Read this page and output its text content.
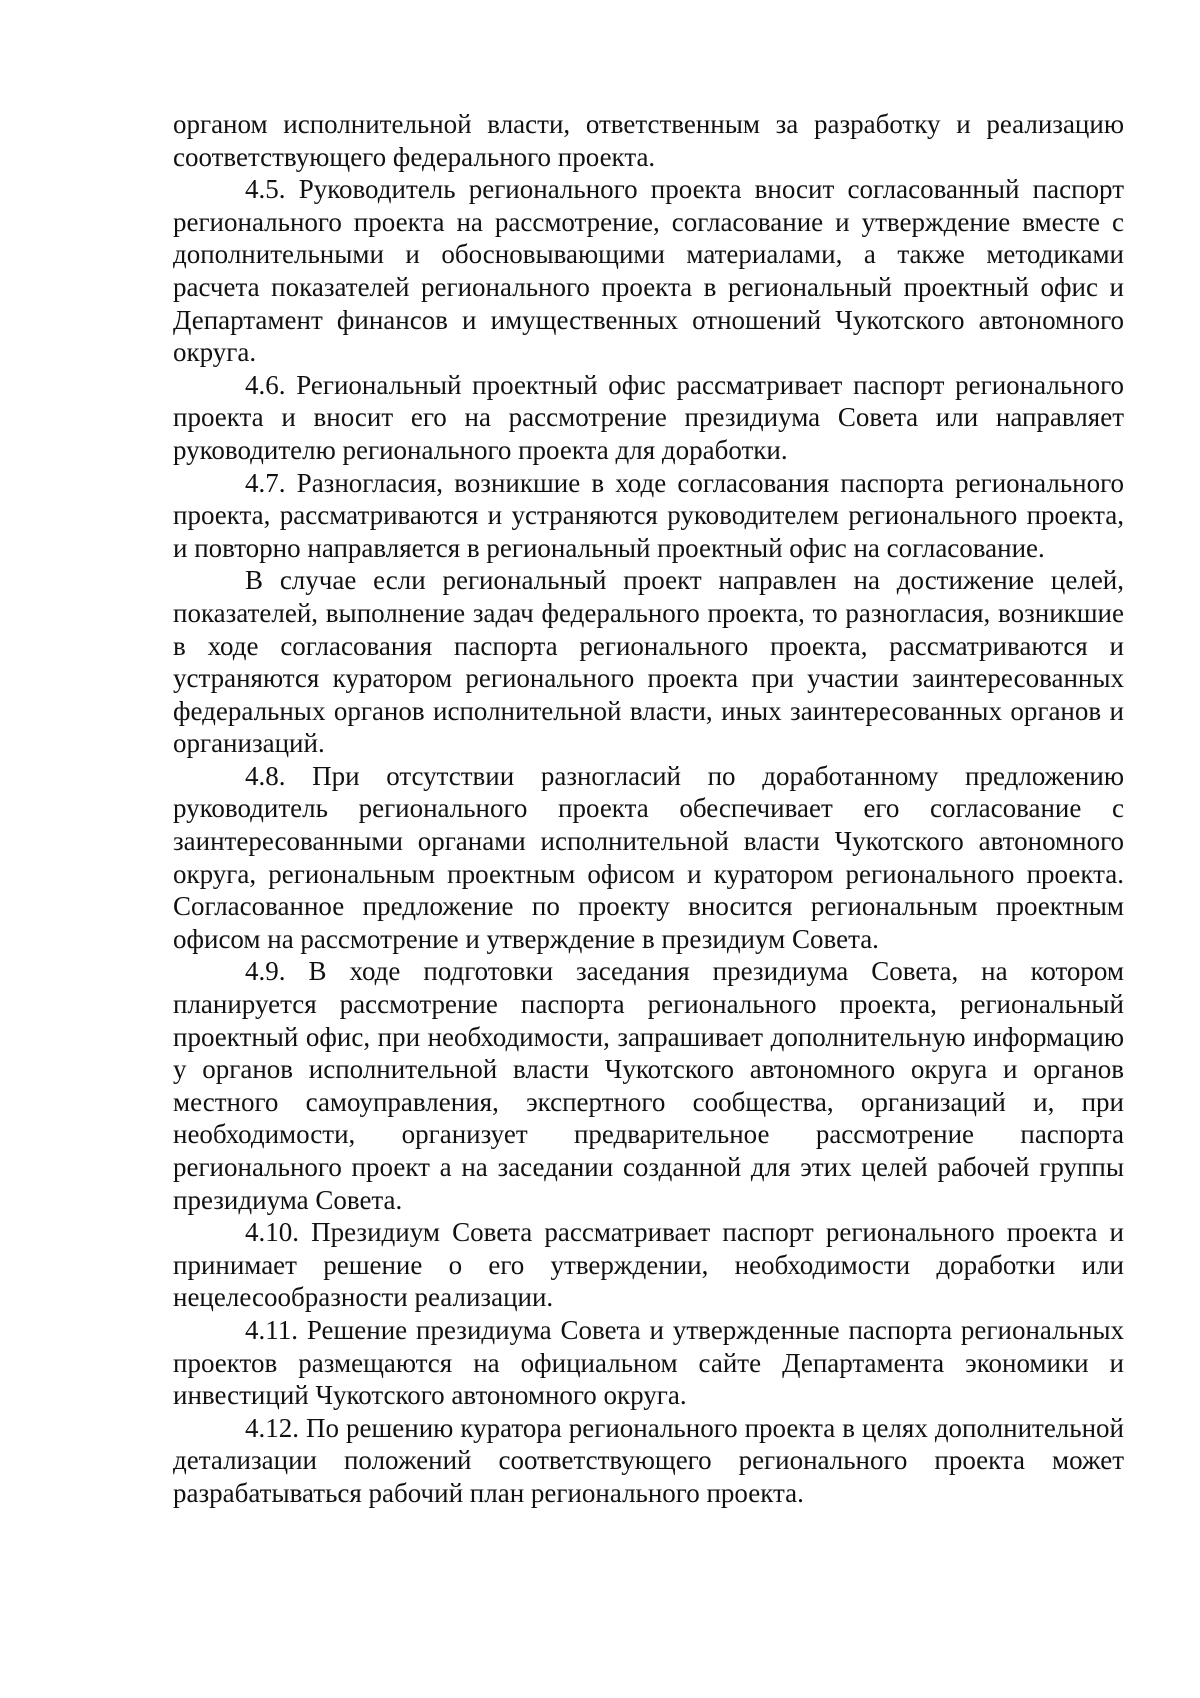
органом исполнительной власти, ответственным за разработку и реализацию соответствующего федерального проекта.

4.5. Руководитель регионального проекта вносит согласованный паспорт регионального проекта на рассмотрение, согласование и утверждение вместе с дополнительными и обосновывающими материалами, а также методиками расчета показателей регионального проекта в региональный проектный офис и Департамент финансов и имущественных отношений Чукотского автономного округа.

4.6. Региональный проектный офис рассматривает паспорт регионального проекта и вносит его на рассмотрение президиума Совета или направляет руководителю регионального проекта для доработки.

4.7. Разногласия, возникшие в ходе согласования паспорта регионального проекта, рассматриваются и устраняются руководителем регионального проекта, и повторно направляется в региональный проектный офис на согласование.

В случае если региональный проект направлен на достижение целей, показателей, выполнение задач федерального проекта, то разногласия, возникшие в ходе согласования паспорта регионального проекта, рассматриваются и устраняются куратором регионального проекта при участии заинтересованных федеральных органов исполнительной власти, иных заинтересованных органов и организаций.

4.8. При отсутствии разногласий по доработанному предложению руководитель регионального проекта обеспечивает его согласование с заинтересованными органами исполнительной власти Чукотского автономного округа, региональным проектным офисом и куратором регионального проекта. Согласованное предложение по проекту вносится региональным проектным офисом на рассмотрение и утверждение в президиум Совета.

4.9. В ходе подготовки заседания президиума Совета, на котором планируется рассмотрение паспорта регионального проекта, региональный проектный офис, при необходимости, запрашивает дополнительную информацию у органов исполнительной власти Чукотского автономного округа и органов местного самоуправления, экспертного сообщества, организаций и, при необходимости, организует предварительное рассмотрение паспорта регионального проект а на заседании созданной для этих целей рабочей группы президиума Совета.

4.10. Президиум Совета рассматривает паспорт регионального проекта и принимает решение о его утверждении, необходимости доработки или нецелесообразности реализации.

4.11. Решение президиума Совета и утвержденные паспорта региональных проектов размещаются на официальном сайте Департамента экономики и инвестиций Чукотского автономного округа.

4.12. По решению куратора регионального проекта в целях дополнительной детализации положений соответствующего регионального проекта может разрабатываться рабочий план регионального проекта.
